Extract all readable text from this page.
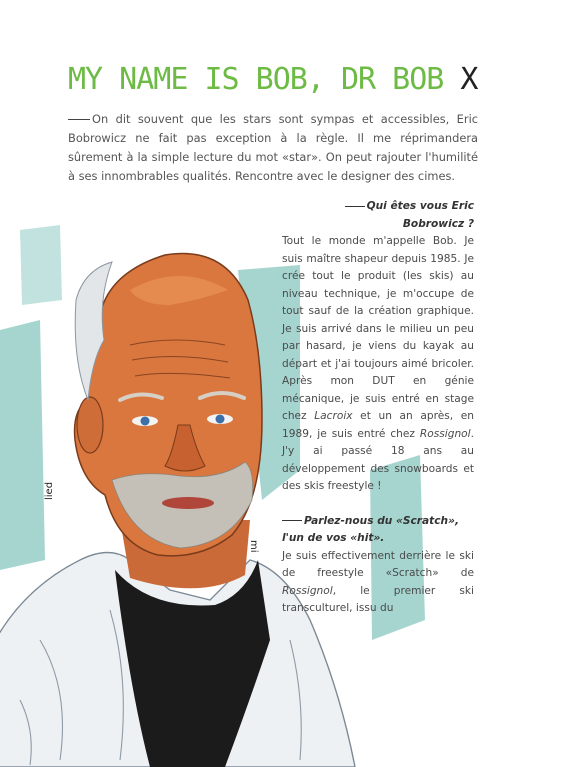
MY NAME IS BOB, DR BOB X

On dit souvent que les stars sont sympas et accessibles, Eric Bobrowicz ne fait pas exception à la règle. Il me réprimandera sûrement à la simple lecture du mot «star». On peut rajouter l'humilité à ses innombrables qualités. Rencontre avec le designer des cimes.

lied
mi

Qui êtes vous Eric Bobrowicz ?

Tout le monde m'appelle Bob. Je suis maître shapeur depuis 1985. Je crée tout le produit (les skis) au niveau technique, je m'occupe de tout sauf de la création graphique. Je suis arrivé dans le milieu un peu par hasard, je viens du kayak au départ et j'ai toujours aimé bricoler. Après mon DUT en génie mécanique, je suis entré en stage chez Lacroix et un an après, en 1989, je suis entré chez Rossignol. J'y ai passé 18 ans au développement des snowboards et des skis freestyle !

Parlez-nous du «Scratch», l'un de vos «hit».

Je suis effectivement derrière le ski de freestyle «Scratch» de Rossignol, le premier ski transculturel, issu du
